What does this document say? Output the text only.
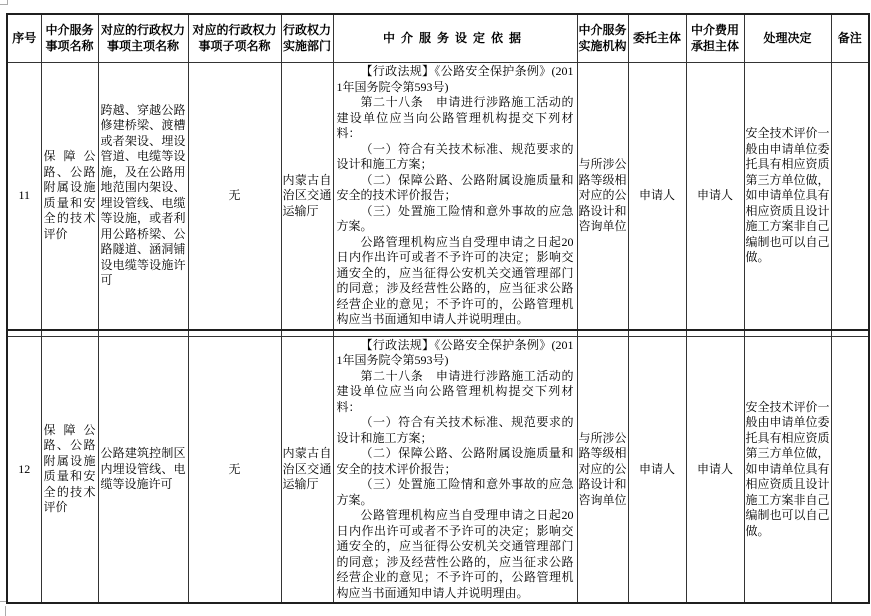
序号	中介服务事项名称	对应的行政权力事项主项名称	对应的行政权力事项子项名称	行政权力实施部门	中介服务设定依据	中介服务实施机构	委托主体	中介费用承担主体	处理决定	备注
11	保障公路、公路附属设施质量和安全的技术评价	跨越、穿越公路修建桥梁、渡槽或者架设、埋设管道、电缆等设施，及在公路用地范围内架设、埋设管线、电缆等设施，或者利用公路桥梁、公路隧道、涵洞铺设电缆等设施许可	无	内蒙古自治区交通运输厅	

【行政法规】《公路安全保护条例》(2011年国务院令第593号)

第二十八条　申请进行涉路施工活动的建设单位应当向公路管理机构提交下列材料：

（一）符合有关技术标准、规范要求的设计和施工方案；

（二）保障公路、公路附属设施质量和安全的技术评价报告；

（三）处置施工险情和意外事故的应急方案。

公路管理机构应当自受理申请之日起20日内作出许可或者不予许可的决定；影响交通安全的，应当征得公安机关交通管理部门的同意；涉及经营性公路的，应当征求公路经营企业的意见；不予许可的，公路管理机构应当书面通知申请人并说明理由。

	与所涉公路等级相对应的公路设计和咨询单位	申请人	申请人	安全技术评价一般由申请单位委托具有相应资质第三方单位做，如申请单位具有相应资质且设计施工方案非自己编制也可以自己做。	

12	保障公路、公路附属设施质量和安全的技术评价	公路建筑控制区内埋设管线、电缆等设施许可	无	内蒙古自治区交通运输厅	

【行政法规】《公路安全保护条例》(2011年国务院令第593号)

第二十八条　申请进行涉路施工活动的建设单位应当向公路管理机构提交下列材料：

（一）符合有关技术标准、规范要求的设计和施工方案；

（二）保障公路、公路附属设施质量和安全的技术评价报告；

（三）处置施工险情和意外事故的应急方案。

公路管理机构应当自受理申请之日起20日内作出许可或者不予许可的决定；影响交通安全的，应当征得公安机关交通管理部门的同意；涉及经营性公路的，应当征求公路经营企业的意见；不予许可的，公路管理机构应当书面通知申请人并说明理由。

	与所涉公路等级相对应的公路设计和咨询单位	申请人	申请人	安全技术评价一般由申请单位委托具有相应资质第三方单位做，如申请单位具有相应资质且设计施工方案非自己编制也可以自己做。	
